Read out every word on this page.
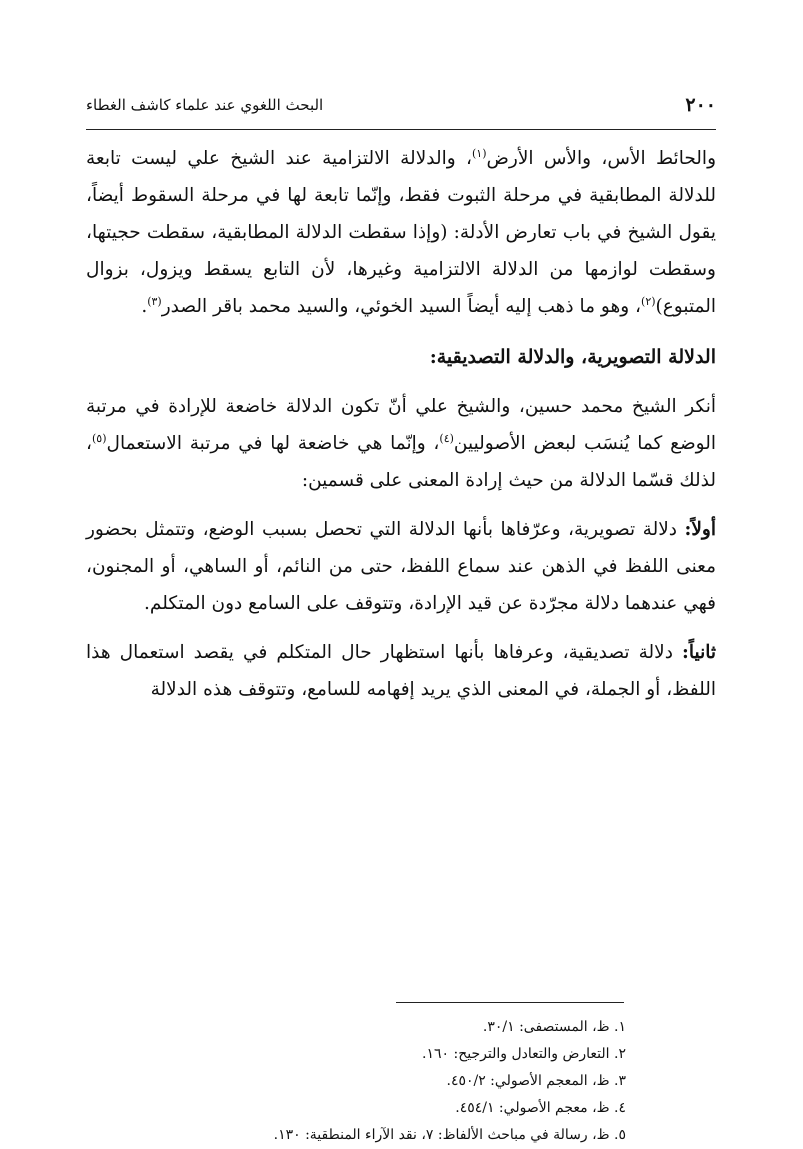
٢٠٠
البحث اللغوي عند علماء كاشف الغطاء

والحائط الأس، والأس الأرض$^{(١)}$، والدلالة الالتزامية عند الشيخ علي ليست تابعة للدلالة المطابقية في مرحلة الثبوت فقط، وإنّما تابعة لها في مرحلة السقوط أيضاً، يقول الشيخ في باب تعارض الأدلة: (وإذا سقطت الدلالة المطابقية، سقطت حجيتها، وسقطت لوازمها من الدلالة الالتزامية وغيرها، لأن التابع يسقط ويزول، بزوال المتبوع)$^{(٢)}$، وهو ما ذهب إليه أيضاً السيد الخوئي، والسيد محمد باقر الصدر$^{(٣)}$.

الدلالة التصويرية، والدلالة التصديقية:

أنكر الشيخ محمد حسين، والشيخ علي أنّ تكون الدلالة خاضعة للإرادة في مرتبة الوضع كما يُنسَب لبعض الأصوليين$^{(٤)}$، وإنّما هي خاضعة لها في مرتبة الاستعمال$^{(٥)}$، لذلك قسّما الدلالة من حيث إرادة المعنى على قسمين:

أولاً: دلالة تصويرية، وعرّفاها بأنها الدلالة التي تحصل بسبب الوضع، وتتمثل بحضور معنى اللفظ في الذهن عند سماع اللفظ، حتى من النائم، أو الساهي، أو المجنون، فهي عندهما دلالة مجرّدة عن قيد الإرادة، وتتوقف على السامع دون المتكلم.

ثانياً: دلالة تصديقية، وعرفاها بأنها استظهار حال المتكلم في يقصد استعمال هذا اللفظ، أو الجملة، في المعنى الذي يريد إفهامه للسامع، وتتوقف هذه الدلالة

١. ظ، المستصفى: ٣٠/١.

٢. التعارض والتعادل والترجيح: ١٦٠.

٣. ظ، المعجم الأصولي: ٤٥٠/٢.

٤. ظ، معجم الأصولي: ٤٥٤/١.

٥. ظ، رسالة في مباحث الألفاظ: ٧، نقد الآراء المنطقية: ١٣٠.
